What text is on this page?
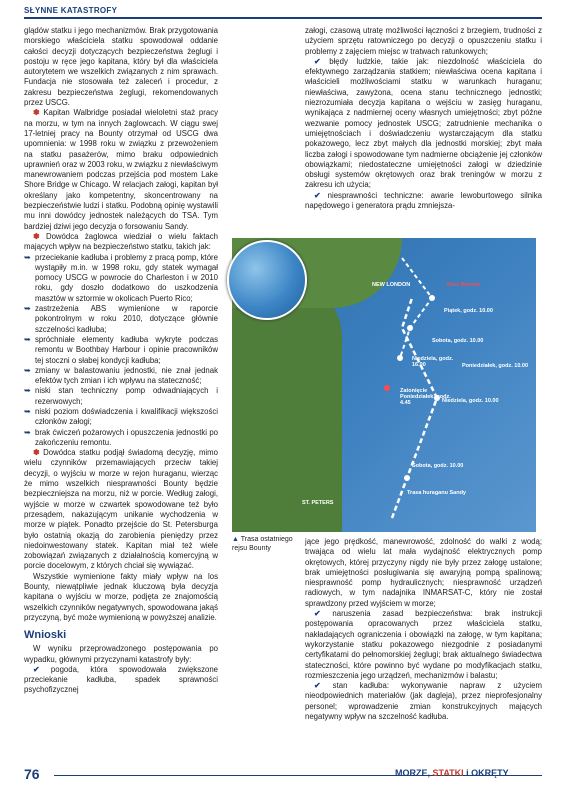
SŁYNNE KATASTROFY

glądów statku i jego mechanizmów. Brak przygotowania morskiego właściciela statku spowodował oddanie całości decyzji dotyczących bezpieczeństwa żeglugi i postoju w ręce jego kapitana, który był dla właściciela autorytetem we wszelkich związanych z nim sprawach. Fundacja nie stosowała też zaleceń i procedur, z zakresu bezpieczeństwa żeglugi, rekomendowanych przez USCG.

✽ Kapitan Walbridge posiadał wieloletni staż pracy na morzu, w tym na innych żaglowcach. W ciągu swej 17-letniej pracy na Bounty otrzymał od USCG dwa upomnienia: w 1998 roku w związku z przewożeniem na statku pasażerów, mimo braku odpowiednich uprawnień oraz w 2003 roku, w związku z niewłaściwym manewrowaniem podczas przejścia pod mostem Lake Shore Bridge w Chicago. W relacjach załogi, kapitan był określany jako kompetentny, skoncentrowany na bezpieczeństwie ludzi i statku. Podobną opinię wystawili mu inni dowódcy jednostek należących do TSA. Tym bardziej dziwi jego decyzja o forsowaniu Sandy.

✽ Dowódca żaglowca wiedział o wielu faktach mających wpływ na bezpieczeństwo statku, takich jak:

➥ przeciekanie kadłuba i problemy z pracą pomp, które wystąpiły m.in. w 1998 roku, gdy statek wymagał pomocy USCG w powrocie do Charleston i w 2010 roku, gdy doszło dodatkowo do uszkodzenia masztów w sztormie w okolicach Puerto Rico;

➥ zastrzeżenia ABS wymienione w raporcie pokontrolnym w roku 2010, dotyczące głównie szczelności kadłuba;

➥ spróchniałe elementy kadłuba wykryte podczas remontu w Boothbay Harbour i opinie pracowników tej stoczni o słabej kondycji kadłuba;

➥ zmiany w balastowaniu jednostki, nie znał jednak efektów tych zmian i ich wpływu na stateczność;

➥ niski stan techniczny pomp odwadniających i rezerwowych;

➥ niski poziom doświadczenia i kwalifikacji większości członków załogi;

➥ brak ćwiczeń pożarowych i opuszczenia jednostki po zakończeniu remontu.

✽ Dowódca statku podjął świadomą decyzję, mimo wielu czynników przemawiających przeciw takiej decyzji, o wyjściu w morze w rejon huraganu, wierząc że mimo wszelkich niesprawności Bounty będzie bezpieczniejsza na morzu, niż w porcie. Według załogi, wyjście w morze w czwartek spowodowane też było przesądem, nakazującym unikanie wychodzenia w morze w piątek. Ponadto przejście do St. Petersburga było ostatnią okazją do zarobienia pieniędzy przez niedoinwestowany statek. Kapitan miał też wiele zobowiązań związanych z działalnością komercyjną w porcie docelowym, z których chciał się wywiązać.

Wszystkie wymienione fakty miały wpływ na los Bounty, niewątpliwie jednak kluczową była decyzja kapitana o wyjściu w morze, podjęta ze znajomością wszelkich czynników negatywnych, spowodowana jakąś przyczyną, być może wymienioną w powyższej analizie.

Wnioski

W wyniku przeprowadzonego postępowania po wypadku, głównymi przyczynami katastrofy były:

✔ pogoda, która spowodowała zwiększone przeciekanie kadłuba, spadek sprawności psychofizycznej

załogi, czasową utratę możliwości łączności z brzegiem, trudności z użyciem sprzętu ratowniczego po decyzji o opuszczeniu statku i problemy z zajęciem miejsc w tratwach ratunkowych;

✔ błędy ludzkie, takie jak: niezdolność właściciela do efektywnego zarządzania statkiem; niewłaściwa ocena kapitana i właścicieli możliwościami statku w warunkach huraganu; niewłaściwa, zawyżona, ocena stanu technicznego jednostki; niezrozumiała decyzja kapitana o wejściu w zasięg huraganu, wynikająca z nadmiernej oceny własnych umiejętności; zbyt późne wezwanie pomocy jednostek USCG; zatrudnienie mechanika o umiejętnościach i doświadczeniu wystarczającym dla statku pokazowego, lecz zbyt małych dla jednostki morskiej; zbyt mała liczba załogi i spowodowane tym nadmierne obciążenie jej członków obowiązkami; niedostateczne umiejętności załogi w dziedzinie obsługi systemów okrętowych oraz brak treningów w morzu z zakresu ich użycia;

✔ niesprawności techniczne: awarie lewoburtowego silnika napędowego i generatora prądu zmniejsza-

NEW LONDON	Kurs Bounty
Piątek, godz. 10.00
Sobota, godz. 10.00
Poniedziałek, godz. 10.00
Niedziela, godz. 16.00
Zatonięcie Poniedziałek, godz. 4.45	Niedziela, godz. 10.00
Sobota, godz. 10.00
Trasa huraganu Sandy
ST. PETERS
▲ Trasa ostatniego rejsu Bounty

jące jego prędkość, manewrowość, zdolność do walki z wodą; trwająca od wielu lat mała wydajność elektrycznych pomp okrętowych, której przyczyny nigdy nie były przez załogę ustalone; brak umiejętności posługiwania się awaryjną pompą spalinową; niesprawność pomp hydraulicznych; niesprawność urządzeń radiowych, w tym nadajnika INMARSAT-C, który nie został sprawdzony przed wyjściem w morze;

✔ naruszenia zasad bezpieczeństwa: brak instrukcji postępowania opracowanych przez właściciela statku, nakładających ograniczenia i obowiązki na załogę, w tym kapitana; wykorzystanie statku pokazowego niezgodnie z posiadanymi certyfikatami do pełnomorskiej żeglugi; brak aktualnego świadectwa stateczności, które powinno być wydane po modyfikacjach statku, rozmieszczenia jego urządzeń, mechanizmów i balastu;

✔ stan kadłuba: wykonywanie napraw z użyciem nieodpowiednich materiałów (jak dagleja), przez nieprofesjonalny personel; wprowadzenie zmian konstrukcyjnych mających negatywny wpływ na szczelność kadłuba.

76	MORZE, STATKI i OKRĘTY
